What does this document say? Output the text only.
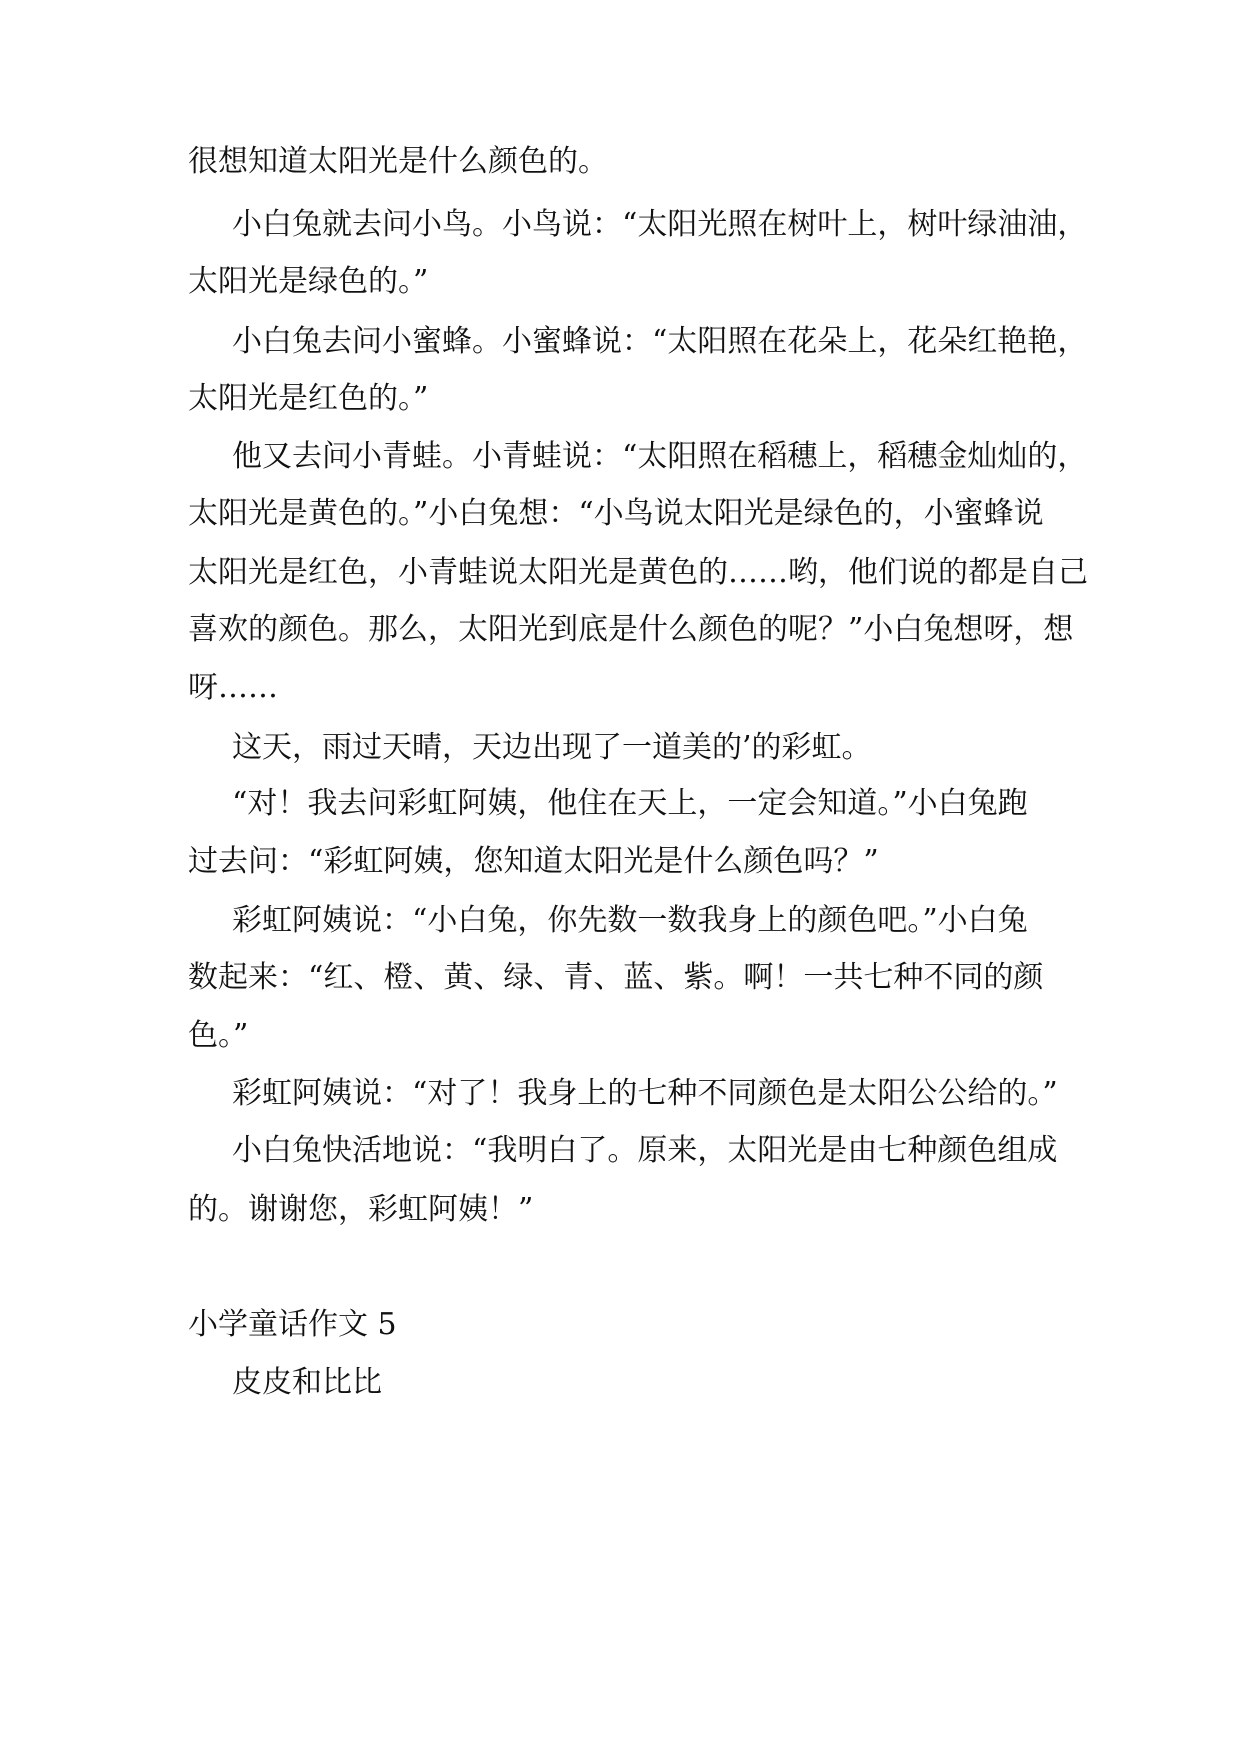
很想知道太阳光是什么颜色的。
小白兔就去问小鸟。小鸟说：“太阳光照在树叶上，树叶绿油油，
太阳光是绿色的。”
小白兔去问小蜜蜂。小蜜蜂说：“太阳照在花朵上，花朵红艳艳，
太阳光是红色的。”
他又去问小青蛙。小青蛙说：“太阳照在稻穗上，稻穗金灿灿的，
太阳光是黄色的。”小白兔想：“小鸟说太阳光是绿色的，小蜜蜂说
太阳光是红色，小青蛙说太阳光是黄色的……哟，他们说的都是自己
喜欢的颜色。那么，太阳光到底是什么颜色的呢？”小白兔想呀，想
呀……
这天，雨过天晴，天边出现了一道美的’的彩虹。
“对！我去问彩虹阿姨，他住在天上，一定会知道。”小白兔跑
过去问：“彩虹阿姨，您知道太阳光是什么颜色吗？”
彩虹阿姨说：“小白兔，你先数一数我身上的颜色吧。”小白兔
数起来：“红、橙、黄、绿、青、蓝、紫。啊！一共七种不同的颜
色。”
彩虹阿姨说：“对了！我身上的七种不同颜色是太阳公公给的。”
小白兔快活地说：“我明白了。原来，太阳光是由七种颜色组成
的。谢谢您，彩虹阿姨！”
小学童话作文 5
皮皮和比比
